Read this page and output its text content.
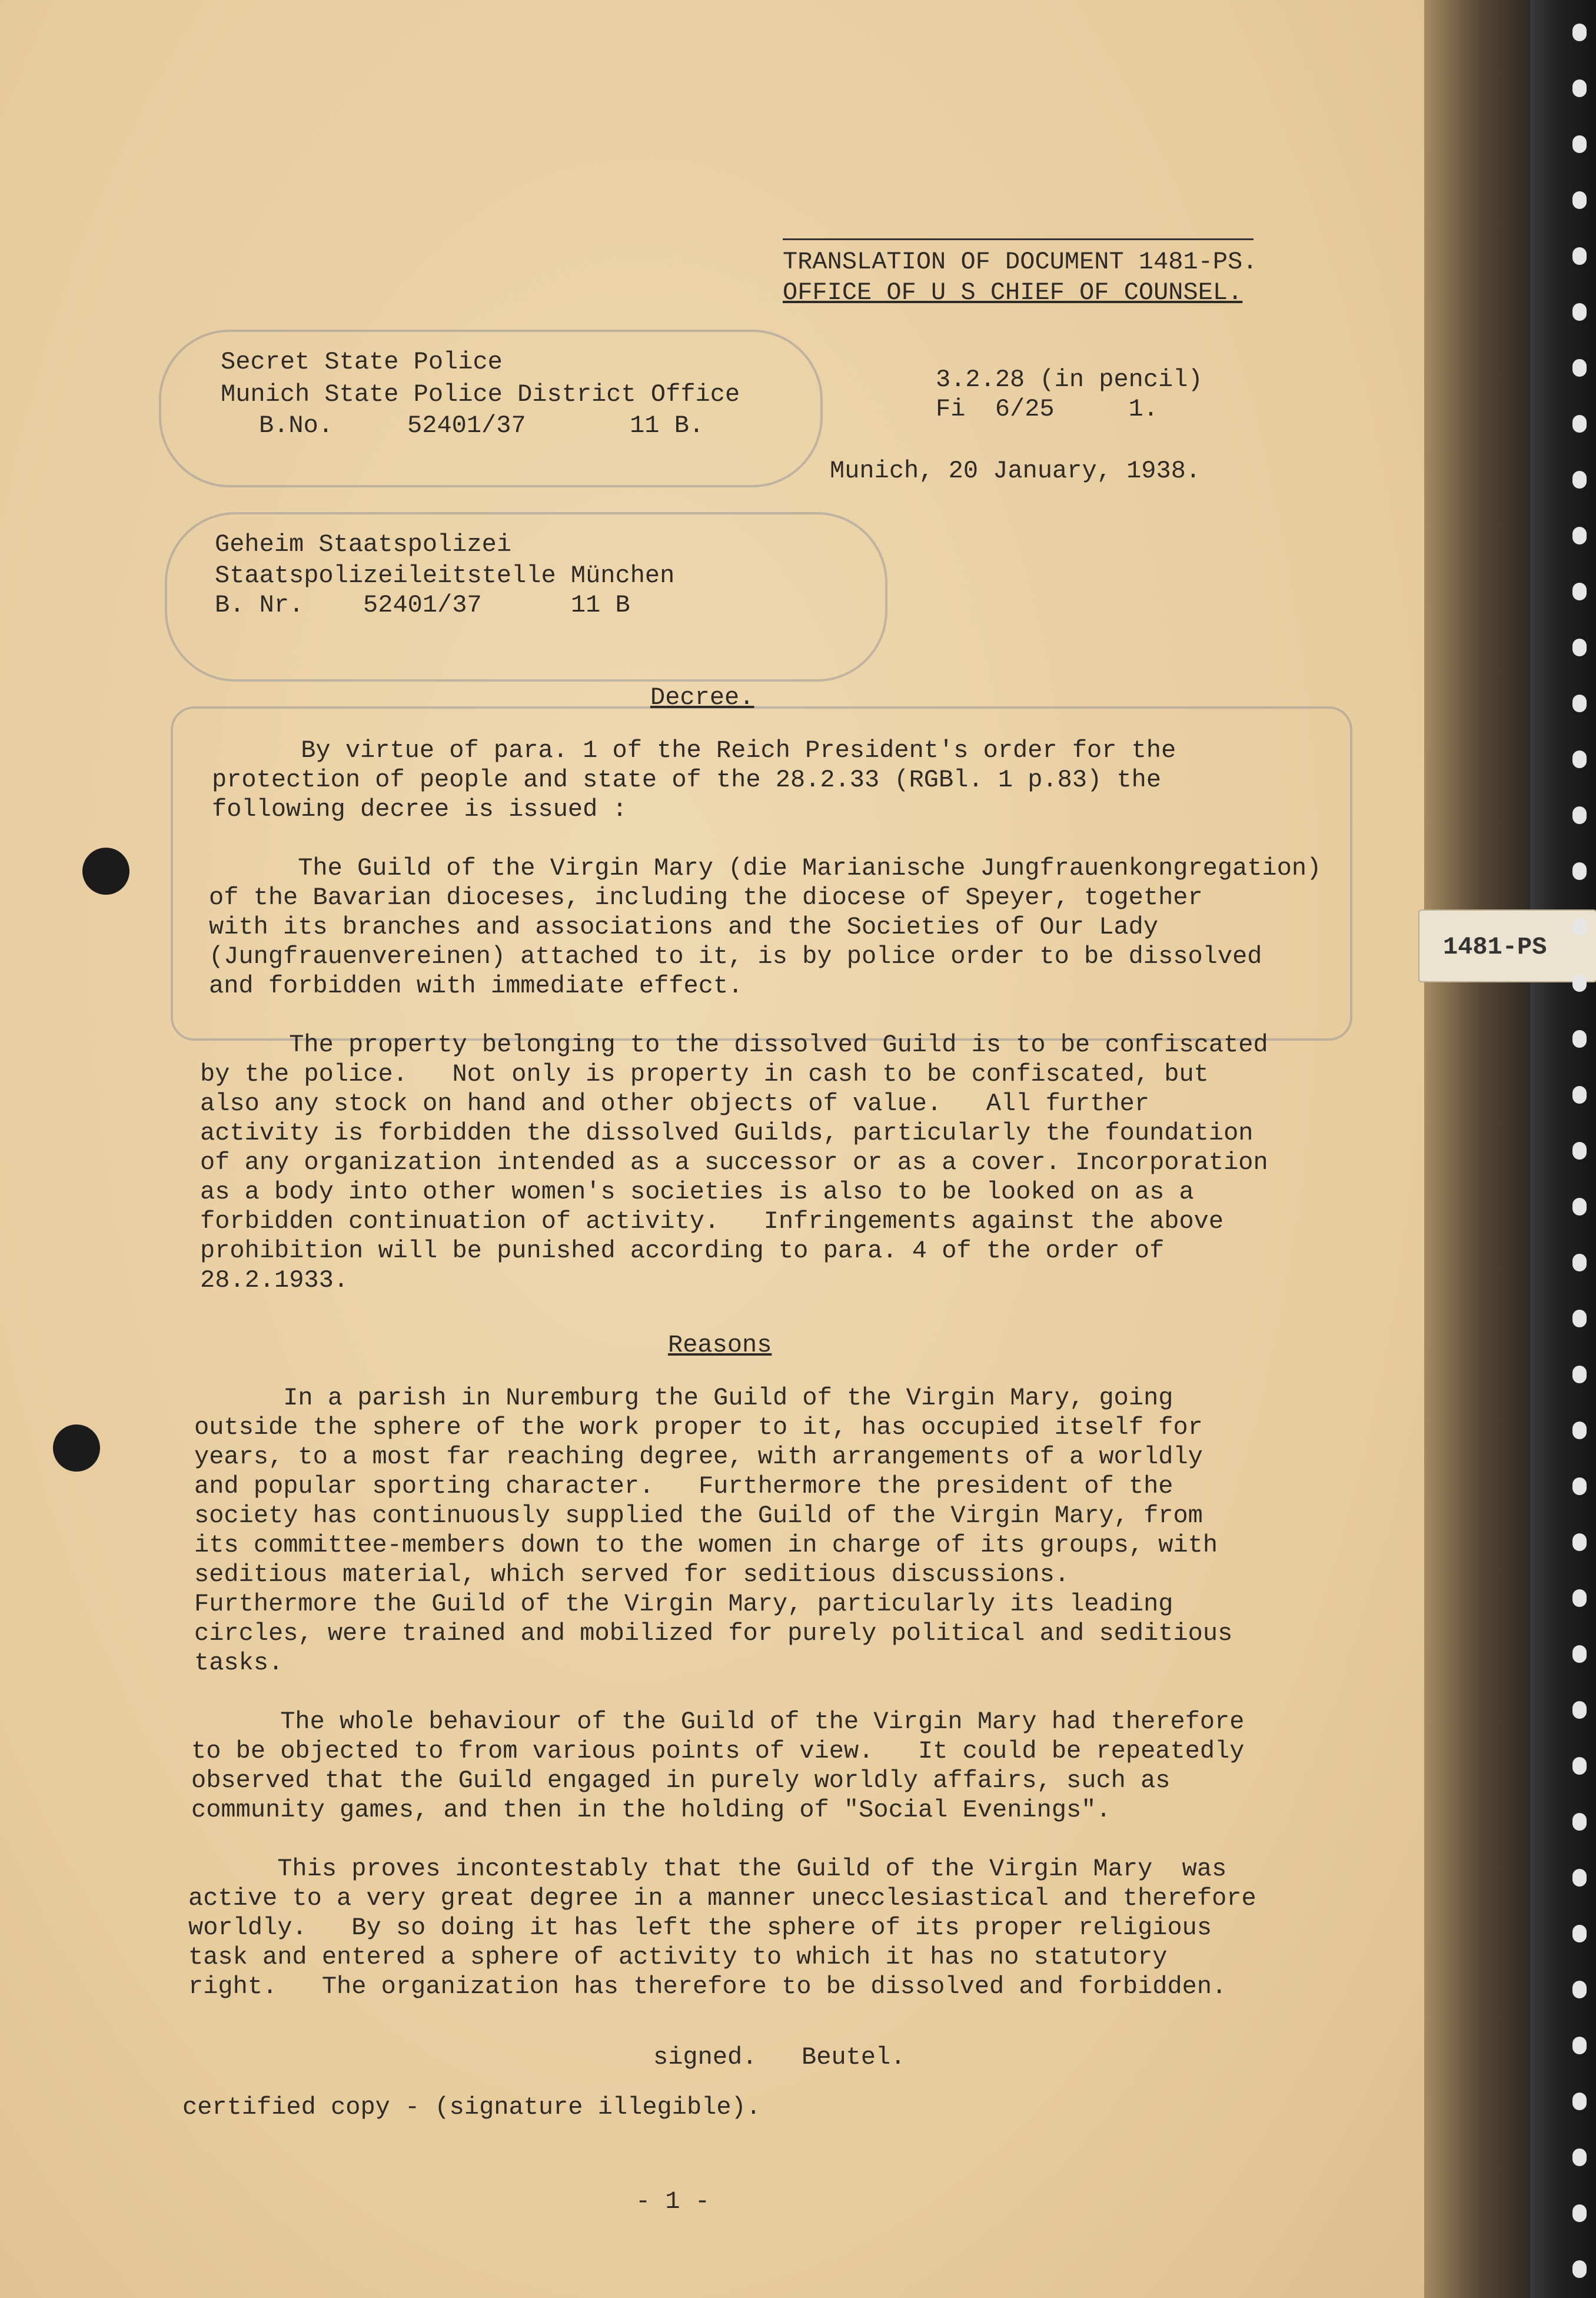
TRANSLATION OF DOCUMENT 1481-PS.
OFFICE OF U S CHIEF OF COUNSEL.
Secret State Police
Munich State Police District Office
B.No.     52401/37       11 B.
3.2.28 (in pencil)
Fi  6/25     1.
Munich, 20 January, 1938.
Geheim Staatspolizei
Staatspolizeileitstelle München
B. Nr.    52401/37      11 B
Decree.
By virtue of para. 1 of the Reich President's order for the
protection of people and state of the 28.2.33 (RGBl. 1 p.83) the
following decree is issued :
The Guild of the Virgin Mary (die Marianische Jungfrauenkongregation)
of the Bavarian dioceses, including the diocese of Speyer, together
with its branches and associations and the Societies of Our Lady
(Jungfrauenvereinen) attached to it, is by police order to be dissolved
and forbidden with immediate effect.
The property belonging to the dissolved Guild is to be confiscated
by the police.   Not only is property in cash to be confiscated, but
also any stock on hand and other objects of value.   All further
activity is forbidden the dissolved Guilds, particularly the foundation
of any organization intended as a successor or as a cover. Incorporation
as a body into other women's societies is also to be looked on as a
forbidden continuation of activity.   Infringements against the above
prohibition will be punished according to para. 4 of the order of
28.2.1933.
Reasons
In a parish in Nuremburg the Guild of the Virgin Mary, going
outside the sphere of the work proper to it, has occupied itself for
years, to a most far reaching degree, with arrangements of a worldly
and popular sporting character.   Furthermore the president of the
society has continuously supplied the Guild of the Virgin Mary, from
its committee-members down to the women in charge of its groups, with
seditious material, which served for seditious discussions.
Furthermore the Guild of the Virgin Mary, particularly its leading
circles, were trained and mobilized for purely political and seditious
tasks.
The whole behaviour of the Guild of the Virgin Mary had therefore
to be objected to from various points of view.   It could be repeatedly
observed that the Guild engaged in purely worldly affairs, such as
community games, and then in the holding of "Social Evenings".
This proves incontestably that the Guild of the Virgin Mary  was
active to a very great degree in a manner unecclesiastical and therefore
worldly.   By so doing it has left the sphere of its proper religious
task and entered a sphere of activity to which it has no statutory
right.   The organization has therefore to be dissolved and forbidden.
signed.   Beutel.
certified copy - (signature illegible).
- 1 -
1481-PS
